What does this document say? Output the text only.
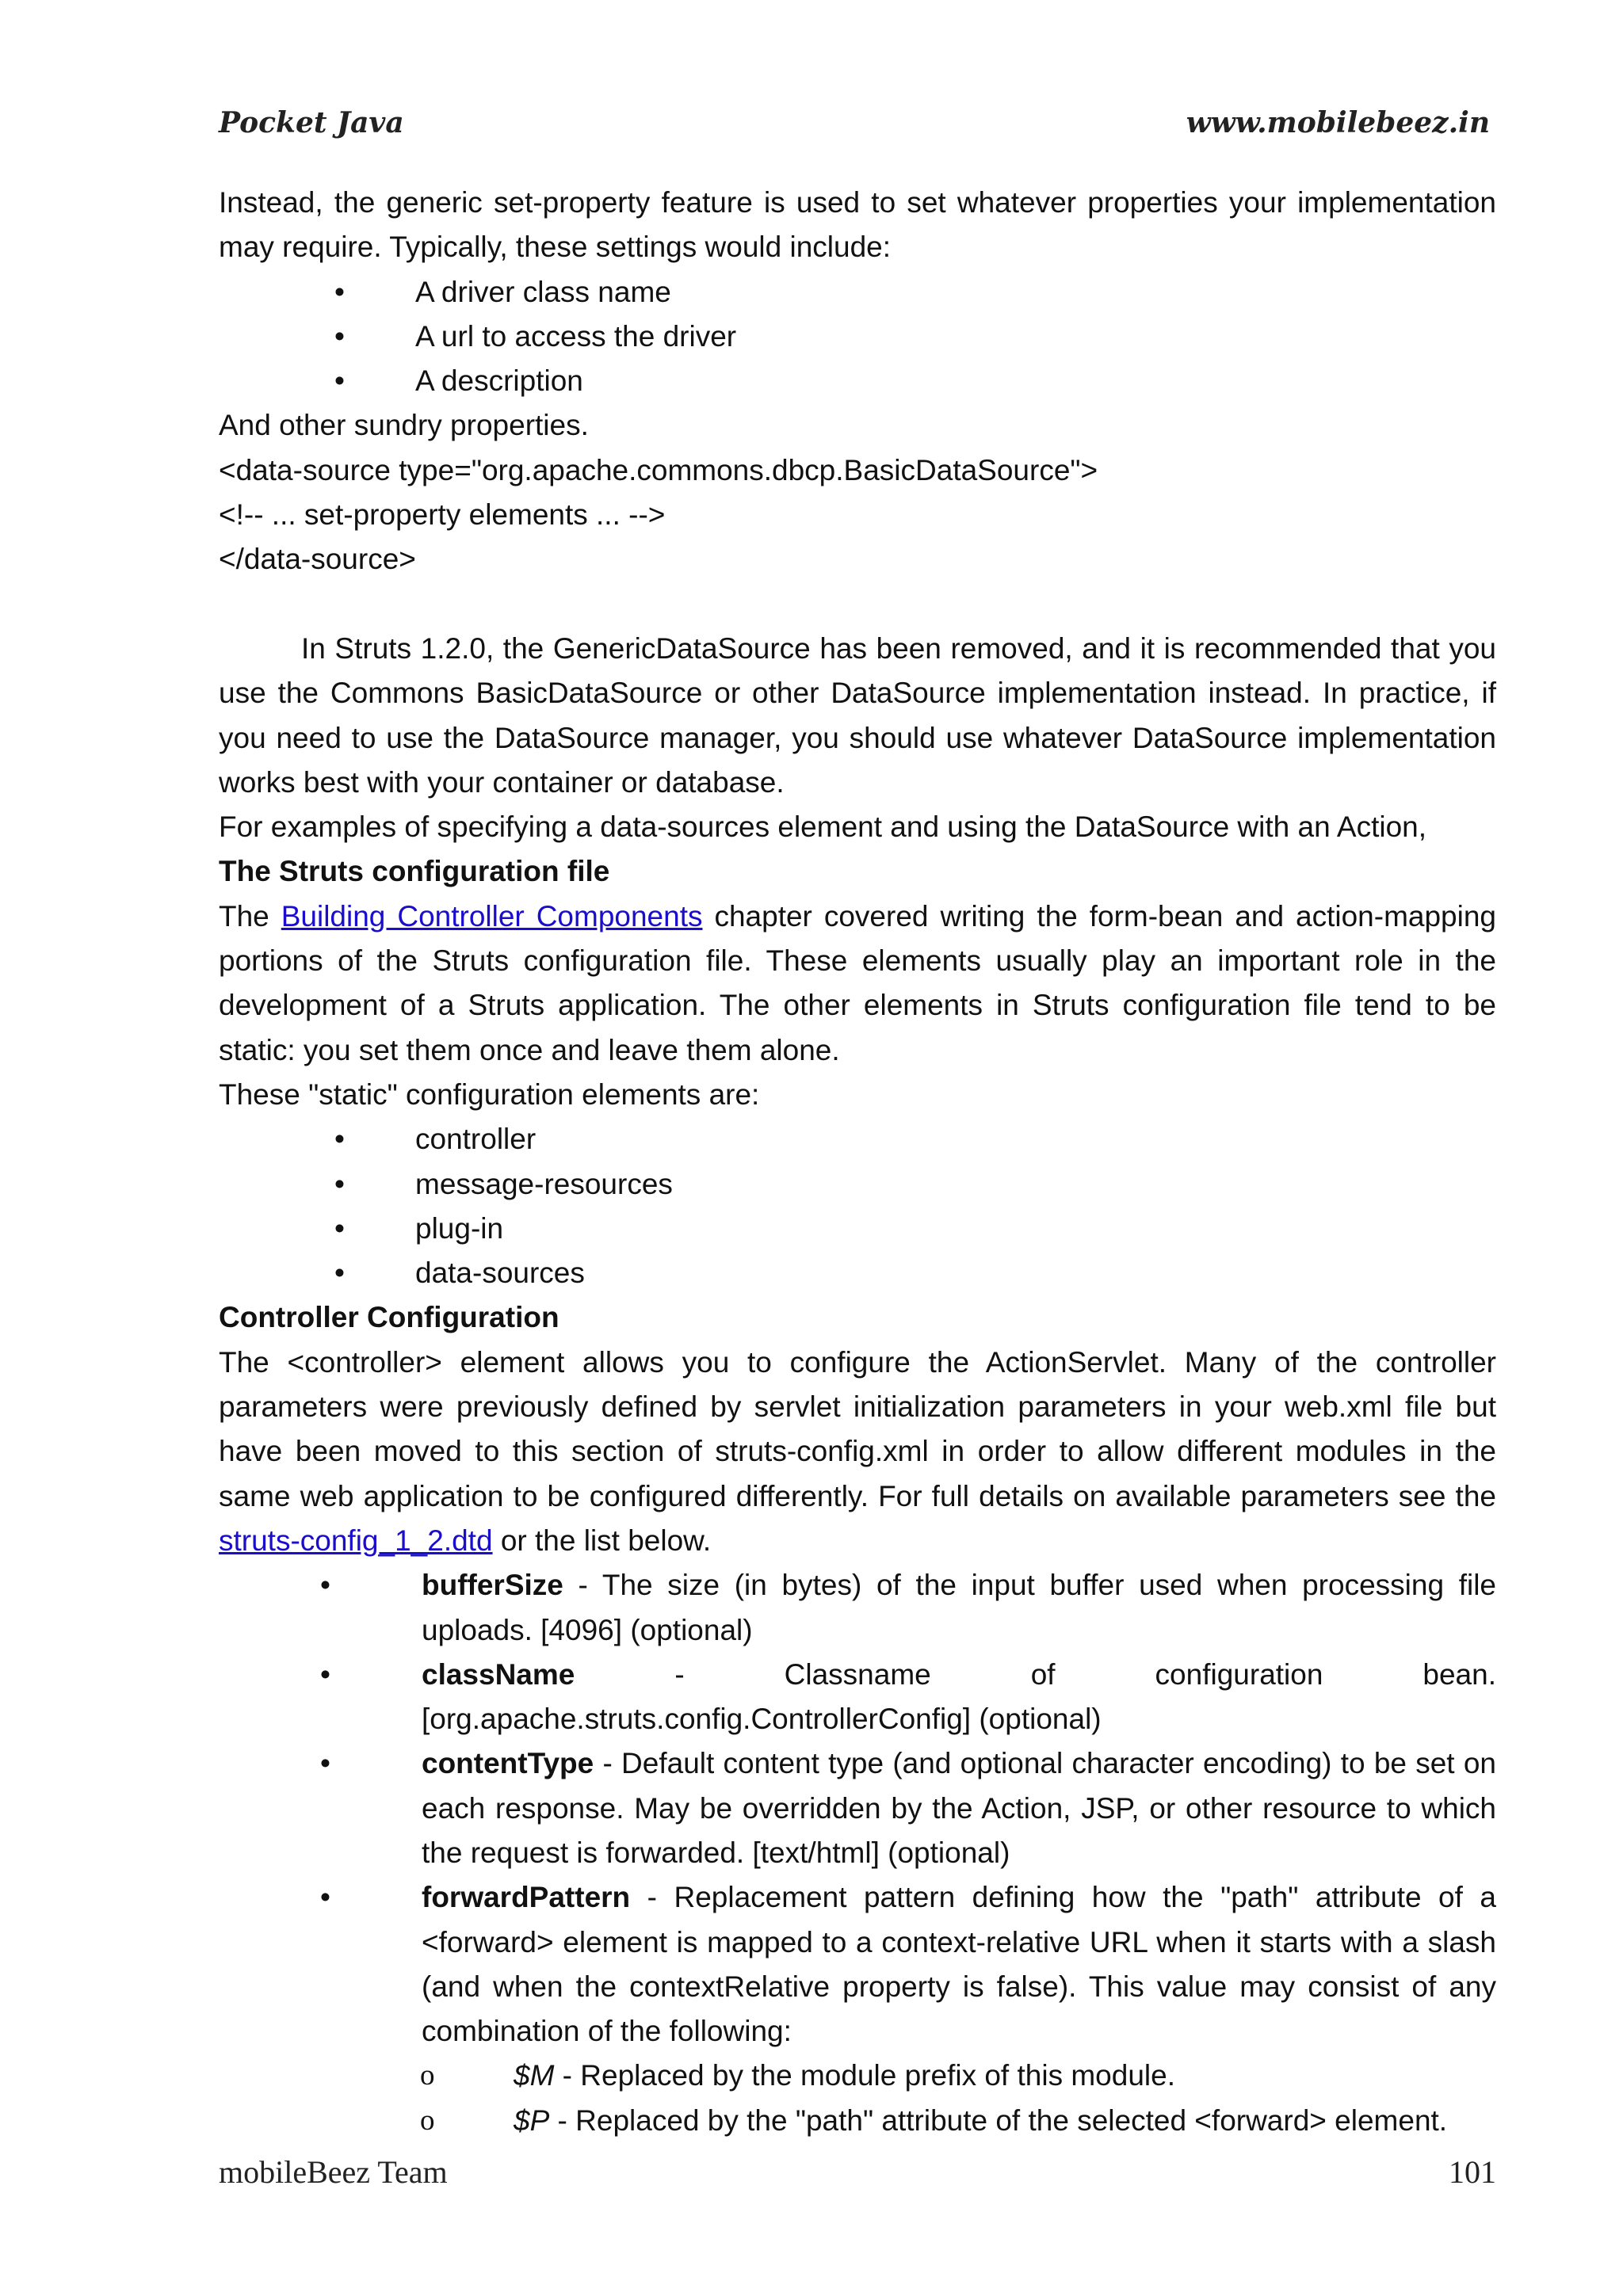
Pocket Java	www.mobilebeez.in

Instead, the generic set-property feature is used to set whatever properties your implementation may require. Typically, these settings would include:

• A driver class name
• A url to access the driver
• A description

And other sundry properties.

<data-source type="org.apache.commons.dbcp.BasicDataSource">

<!-- ... set-property elements ... -->

</data-source>

In Struts 1.2.0, the GenericDataSource has been removed, and it is recommended that you use the Commons BasicDataSource or other DataSource implementation instead. In practice, if you need to use the DataSource manager, you should use whatever DataSource implementation works best with your container or database.

For examples of specifying a data-sources element and using the DataSource with an Action,

The Struts configuration file

The Building Controller Components chapter covered writing the form-bean and action-mapping portions of the Struts configuration file. These elements usually play an important role in the development of a Struts application. The other elements in Struts configuration file tend to be static: you set them once and leave them alone.

These "static" configuration elements are:

• controller
• message-resources
• plug-in
• data-sources

Controller Configuration

The <controller> element allows you to configure the ActionServlet. Many of the controller parameters were previously defined by servlet initialization parameters in your web.xml file but have been moved to this section of struts-config.xml in order to allow different modules in the same web application to be configured differently. For full details on available parameters see the struts-config_1_2.dtd or the list below.

•	bufferSize - The size (in bytes) of the input buffer used when processing file uploads. [4096] (optional)
•	className - Classname of configuration bean. [org.apache.struts.config.ControllerConfig] (optional)
•	contentType - Default content type (and optional character encoding) to be set on each response. May be overridden by the Action, JSP, or other resource to which the request is forwarded. [text/html] (optional)
•	forwardPattern - Replacement pattern defining how the "path" attribute of a <forward> element is mapped to a context-relative URL when it starts with a slash (and when the contextRelative property is false). This value may consist of any combination of the following:
o	$M - Replaced by the module prefix of this module.
o	$P - Replaced by the "path" attribute of the selected <forward> element.
mobileBeez Team	101
